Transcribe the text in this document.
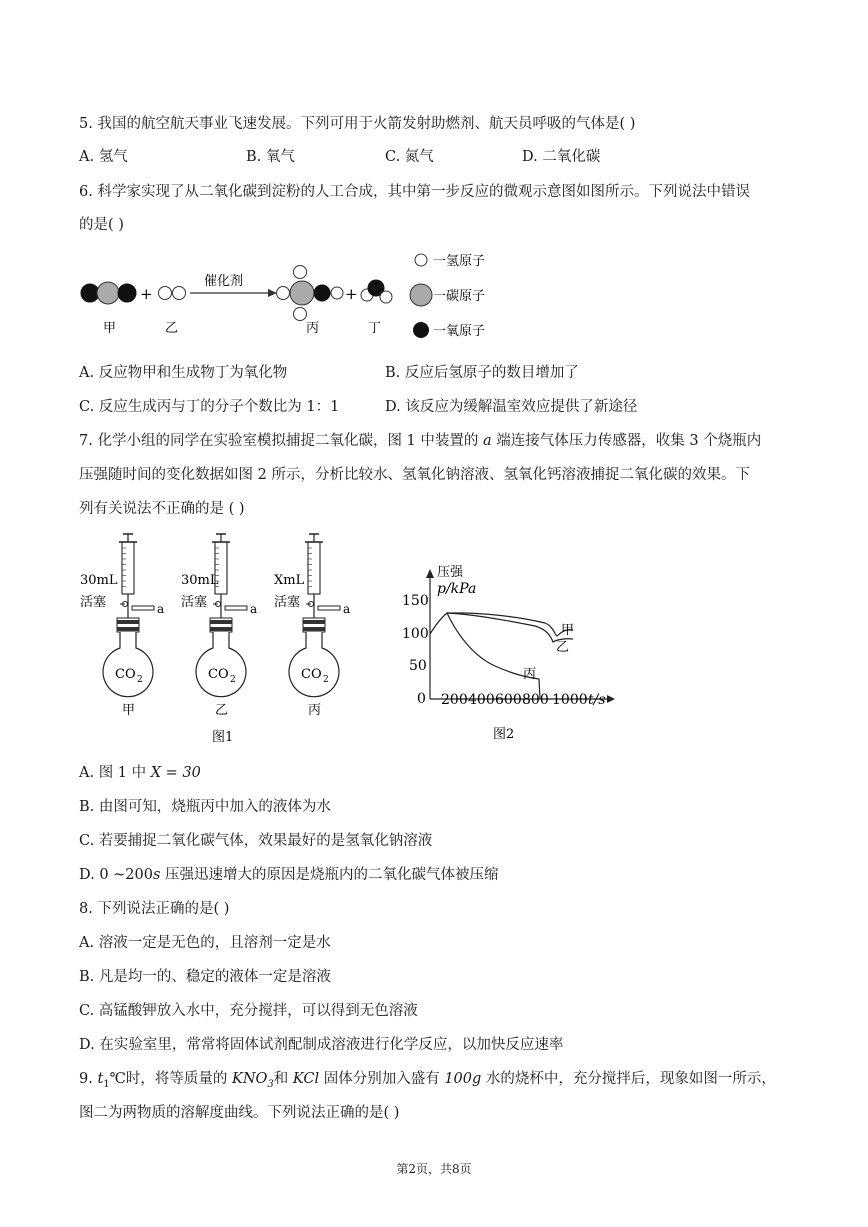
5. 我国的航空航天事业飞速发展。下列可用于火箭发射助燃剂、航天员呼吸的气体是( )
A. 氢气	B. 氧气	C. 氮气	D. 二氧化碳
6. 科学家实现了从二氧化碳到淀粉的人工合成，其中第一步反应的微观示意图如图所示。下列说法中错误
的是( )
+
催化剂
+
甲	乙	丙	丁
一氢原子
一碳原子
一氧原子
A. 反应物甲和生成物丁为氧化物	B. 反应后氢原子的数目增加了
C. 反应生成丙与丁的分子个数比为 1：1	D. 该反应为缓解温室效应提供了新途径
7. 化学小组的同学在实验室模拟捕捉二氧化碳，图 1 中装置的 a 端连接气体压力传感器，收集 3 个烧瓶内
压强随时间的变化数据如图 2 所示，分析比较水、氢氧化钠溶液、氢氧化钙溶液捕捉二氧化碳的效果。下
列有关说法不正确的是 ( )
a
CO 2
30mL
活塞
甲
a
CO 2
30mL
活塞
乙
a
CO 2
XmL
活塞
丙
图1
压强
p/kPa
150
100
50
0 200 400 600 800 1000 t/s
甲
乙
丙
图2
A. 图 1 中 X = 30
B. 由图可知，烧瓶丙中加入的液体为水
C. 若要捕捉二氧化碳气体，效果最好的是氢氧化钠溶液
D. 0 ~200s 压强迅速增大的原因是烧瓶内的二氧化碳气体被压缩
8. 下列说法正确的是( )
A. 溶液一定是无色的，且溶剂一定是水
B. 凡是均一的、稳定的液体一定是溶液
C. 高锰酸钾放入水中，充分搅拌，可以得到无色溶液
D. 在实验室里，常常将固体试剂配制成溶液进行化学反应，以加快反应速率
9. $t_1℃$时，将等质量的 $KNO_3$和 KCl 固体分别加入盛有 100g 水的烧杯中，充分搅拌后，现象如图一所示，
图二为两物质的溶解度曲线。下列说法正确的是( )
第2页，共8页
